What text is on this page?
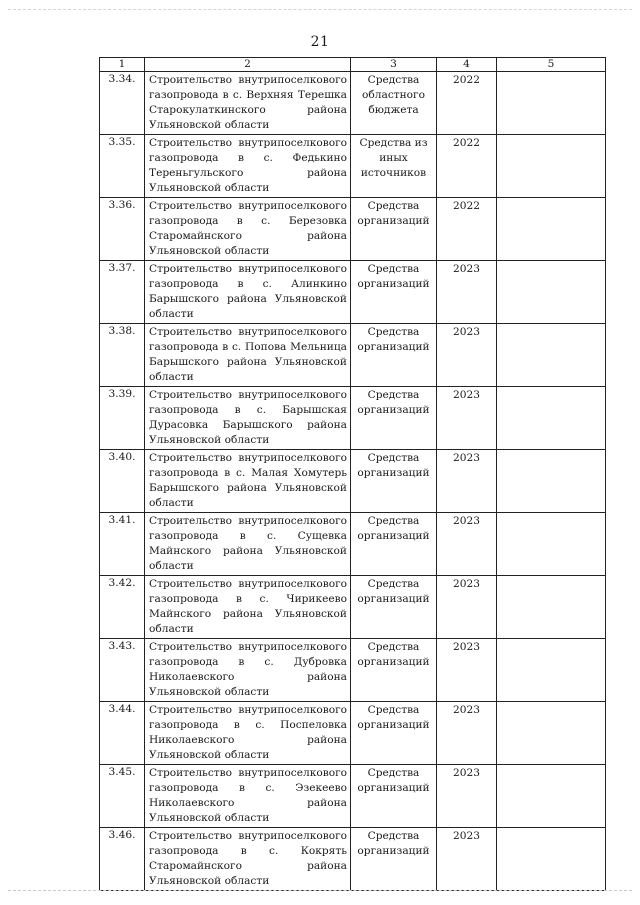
21
1	2	3	4	5
3.34.	Строительство внутрипоселкового газопровода в с. Верхняя Терешка Старокулаткинского района Ульяновской области	Средства областного бюджета	2022	
3.35.	Строительство внутрипоселкового газопровода в с. Федькино Тереньгульского района Ульяновской области	Средства из иных источников	2022	
3.36.	Строительство внутрипоселкового газопровода в с. Березовка Старомайнского района Ульяновской области	Средства организаций	2022	
3.37.	Строительство внутрипоселкового газопровода в с. Алинкино Барышского района Ульяновской области	Средства организаций	2023	
3.38.	Строительство внутрипоселкового газопровода в с. Попова Мельница Барышского района Ульяновской области	Средства организаций	2023	
3.39.	Строительство внутрипоселкового газопровода в с. Барышская Дурасовка Барышского района Ульяновской области	Средства организаций	2023	
3.40.	Строительство внутрипоселкового газопровода в с. Малая Хомутерь Барышского района Ульяновской области	Средства организаций	2023	
3.41.	Строительство внутрипоселкового газопровода в с. Сущевка Майнского района Ульяновской области	Средства организаций	2023	
3.42.	Строительство внутрипоселкового газопровода в с. Чирикеево Майнского района Ульяновской области	Средства организаций	2023	
3.43.	Строительство внутрипоселкового газопровода в с. Дубровка Николаевского района Ульяновской области	Средства организаций	2023	
3.44.	Строительство внутрипоселкового газопровода в с. Поспеловка Николаевского района Ульяновской области	Средства организаций	2023	
3.45.	Строительство внутрипоселкового газопровода в с. Эзекеево Николаевского района Ульяновской области	Средства организаций	2023	
3.46.	Строительство внутрипоселкового газопровода в с. Кокрять Старомайнского района Ульяновской области	Средства организаций	2023	
